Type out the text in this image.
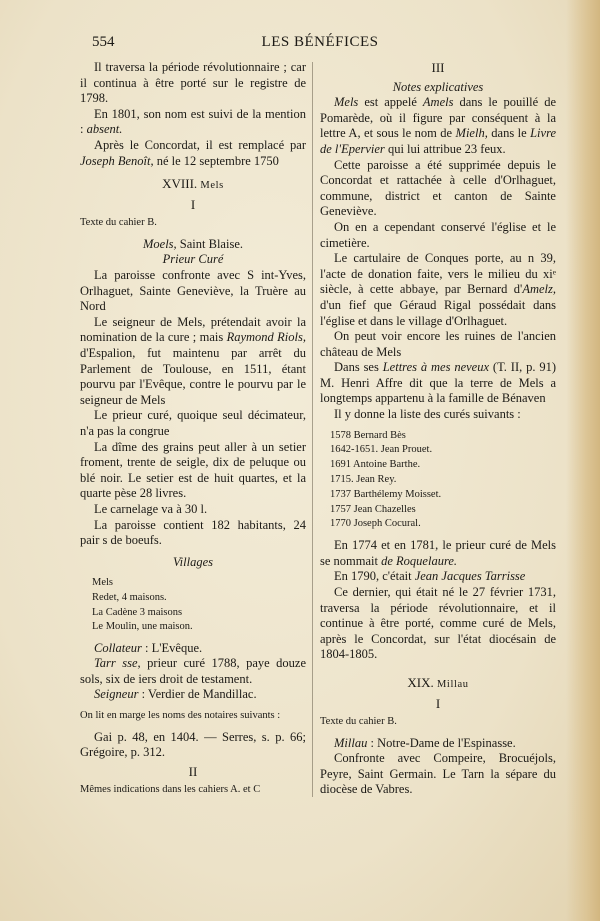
554	LES BÉNÉFICES

Il traversa la période révolutionnaire ; car il continua à être porté sur le registre de 1798.

En 1801, son nom est suivi de la mention : absent.

Après le Concordat, il est remplacé par Joseph Benoît, né le 12 septembre 1750

XVIII. Mels
I

Texte du cahier B.

Moels, Saint Blaise.

Prieur Curé

La paroisse confronte avec S int-Yves, Orlhaguet, Sainte Geneviève, la Truère au Nord

Le seigneur de Mels, prétendait avoir la nomination de la cure ; mais Raymond Riols, d'Espalion, fut maintenu par arrêt du Parlement de Toulouse, en 1511, étant pourvu par l'Evêque, contre le pourvu par le seigneur de Mels

Le prieur curé, quoique seul décimateur, n'a pas la congrue

La dîme des grains peut aller à un setier froment, trente de seigle, dix de peluque ou blé noir. Le setier est de huit quartes, et la quarte pèse 28 livres.

Le carnelage va à 30 l.

La paroisse contient 182 habitants, 24 pair s de boeufs.

Villages

Mels
Redet, 4 maisons.
La Cadène 3 maisons
Le Moulin, une maison.

Collateur : L'Evêque.

Tarr sse, prieur curé 1788, paye douze sols, six de iers droit de testament.

Seigneur : Verdier de Mandillac.

On lit en marge les noms des notaires suivants :

Gai p. 48, en 1404. — Serres, s. p. 66; Grégoire, p. 312.

II

Mêmes indications dans les cahiers A. et C

III

Notes explicatives

Mels est appelé Amels dans le pouillé de Pomarède, où il figure par conséquent à la lettre A, et sous le nom de Mielh, dans le Livre de l'Epervier qui lui attribue 23 feux.

Cette paroisse a été supprimée depuis le Concordat et rattachée à celle d'Orlhaguet, commune, district et canton de Sainte Geneviève.

On en a cependant conservé l'église et le cimetière.

Le cartulaire de Conques porte, au n 39, l'acte de donation faite, vers le milieu du xiᵉ siècle, à cette abbaye, par Bernard d'Amelz, d'un fief que Géraud Rigal possédait dans l'église et dans le village d'Orlhaguet.

On peut voir encore les ruines de l'ancien château de Mels

Dans ses Lettres à mes neveux (T. II, p. 91) M. Henri Affre dit que la terre de Mels a longtemps appartenu à la famille de Bénaven

Il y donne la liste des curés suivants :

1578 Bernard Bès
1642-1651. Jean Prouet.
1691 Antoine Barthe.
1715. Jean Rey.
1737 Barthélemy Moisset.
1757 Jean Chazelles
1770 Joseph Cocural.

En 1774 et en 1781, le prieur curé de Mels se nommait de Roquelaure.

En 1790, c'était Jean Jacques Tarrisse

Ce dernier, qui était né le 27 février 1731, traversa la période révolutionnaire, et il continue à être porté, comme curé de Mels, après le Concordat, sur l'état diocésain de 1804-1805.

XIX. Millau
I

Texte du cahier B.

Millau : Notre-Dame de l'Espinasse.

Confronte avec Compeire, Brocuéjols, Peyre, Saint Germain. Le Tarn la sépare du diocèse de Vabres.
